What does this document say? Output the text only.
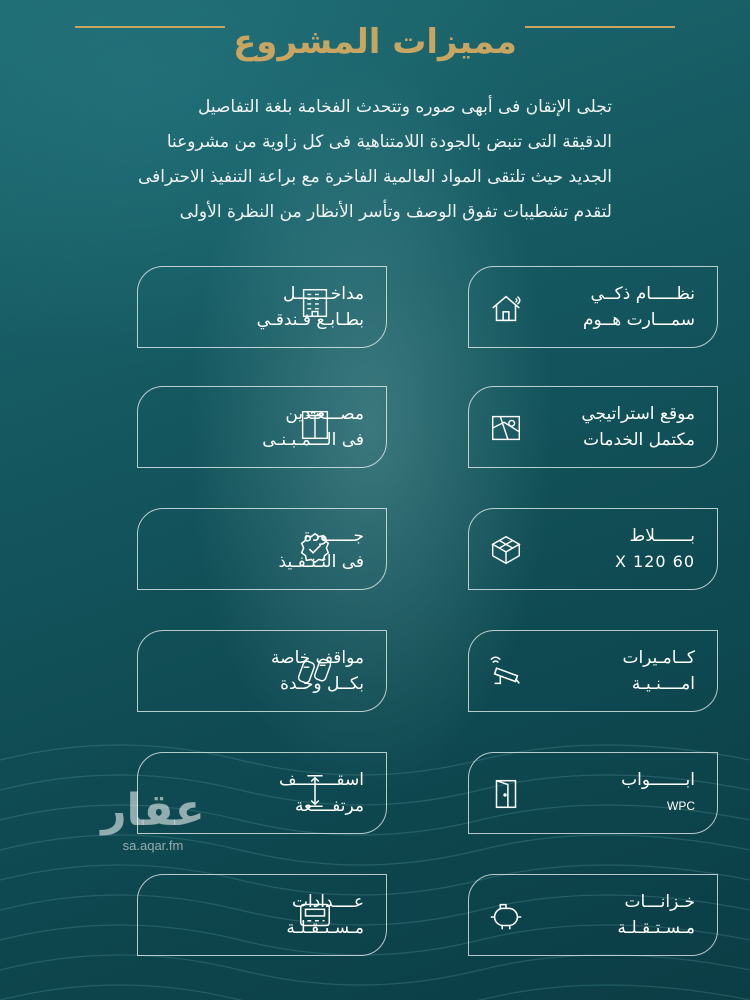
مميزات المشروع
تجلى الإتقان فى أبهى صوره وتتحدث الفخامة بلغة التفاصيل
الدقيقة التى تنبض بالجودة اللامتناهية فى كل زاوية من مشروعنا
الجديد حيث تلتقى المواد العالمية الفاخرة مع براعة التنفيذ الاحترافى
لتقدم تشطيبات تفوق الوصف وتأسر الأنظار من النظرة الأولى
نظـــــام ذكــي
سمـــارت هــوم
مداخـــــــل
بطـابـع فـندقـي
موقع استراتيجي
مكتمل الخدمات
مصـــعـدين
فى الـــمـبـنـى
بـــــــلاط
60 X 120
جـــــودة
فى التـنـفـيذ
كــامـيرات
امــــنـيـة
مواقف خاصة
بكــل وحـدة
ابـــــــواب
WPC
اسقــــــــف
مرتفــــعة
خـزانـــات
مـسـتـقـلـة
عــــدادات
مـسـتـقـلـة
عقار
sa.aqar.fm
